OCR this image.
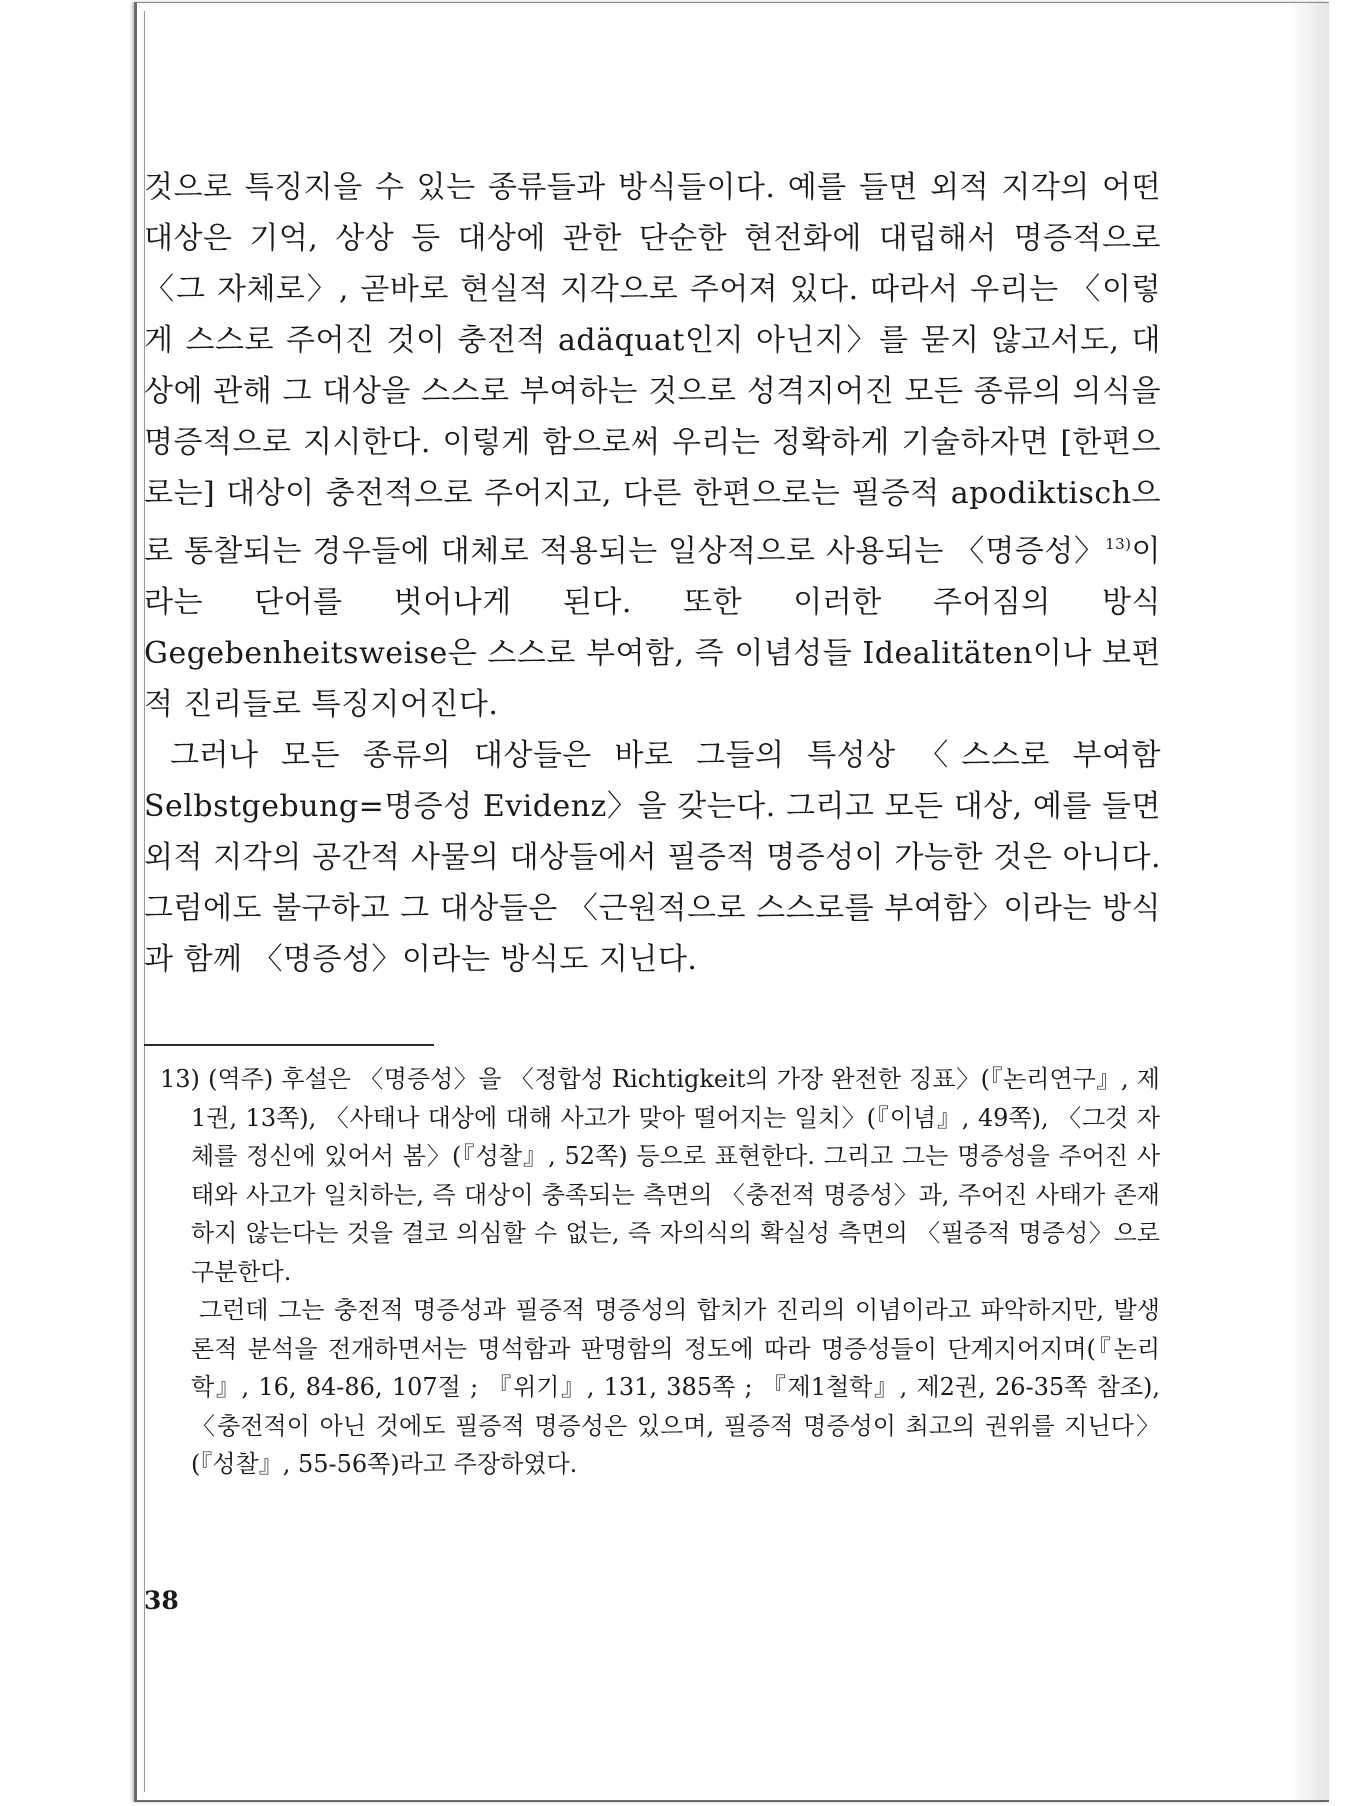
것으로 특징지을 수 있는 종류들과 방식들이다. 예를 들면 외적 지각의 어떤 대상은 기억, 상상 등 대상에 관한 단순한 현전화에 대립해서 명증적으로 〈그 자체로〉, 곧바로 현실적 지각으로 주어져 있다. 따라서 우리는 〈이렇게 스스로 주어진 것이 충전적 adäquat인지 아닌지〉를 묻지 않고서도, 대상에 관해 그 대상을 스스로 부여하는 것으로 성격지어진 모든 종류의 의식을 명증적으로 지시한다. 이렇게 함으로써 우리는 정확하게 기술하자면 [한편으로는] 대상이 충전적으로 주어지고, 다른 한편으로는 필증적 apodiktisch으로 통찰되는 경우들에 대체로 적용되는 일상적으로 사용되는 〈명증성〉$^{13)}$이라는 단어를 벗어나게 된다. 또한 이러한 주어짐의 방식 Gegebenheitsweise은 스스로 부여함, 즉 이념성들 Idealitäten이나 보편적 진리들로 특징지어진다.

그러나 모든 종류의 대상들은 바로 그들의 특성상 〈스스로 부여함 Selbstgebung=명증성 Evidenz〉을 갖는다. 그리고 모든 대상, 예를 들면 외적 지각의 공간적 사물의 대상들에서 필증적 명증성이 가능한 것은 아니다. 그럼에도 불구하고 그 대상들은 〈근원적으로 스스로를 부여함〉이라는 방식과 함께 〈명증성〉이라는 방식도 지닌다.

13) (역주) 후설은 〈명증성〉을 〈정합성 Richtigkeit의 가장 완전한 징표〉(『논리연구』, 제1권, 13쪽), 〈사태나 대상에 대해 사고가 맞아 떨어지는 일치〉(『이념』, 49쪽), 〈그것 자체를 정신에 있어서 봄〉(『성찰』, 52쪽) 등으로 표현한다. 그리고 그는 명증성을 주어진 사태와 사고가 일치하는, 즉 대상이 충족되는 측면의 〈충전적 명증성〉과, 주어진 사태가 존재하지 않는다는 것을 결코 의심할 수 없는, 즉 자의식의 확실성 측면의 〈필증적 명증성〉으로 구분한다.

그런데 그는 충전적 명증성과 필증적 명증성의 합치가 진리의 이념이라고 파악하지만, 발생론적 분석을 전개하면서는 명석함과 판명함의 정도에 따라 명증성들이 단계지어지며(『논리학』, 16, 84-86, 107절 ; 『위기』, 131, 385쪽 ; 『제1철학』, 제2권, 26-35쪽 참조), 〈충전적이 아닌 것에도 필증적 명증성은 있으며, 필증적 명증성이 최고의 권위를 지닌다〉(『성찰』, 55-56쪽)라고 주장하였다.

38
